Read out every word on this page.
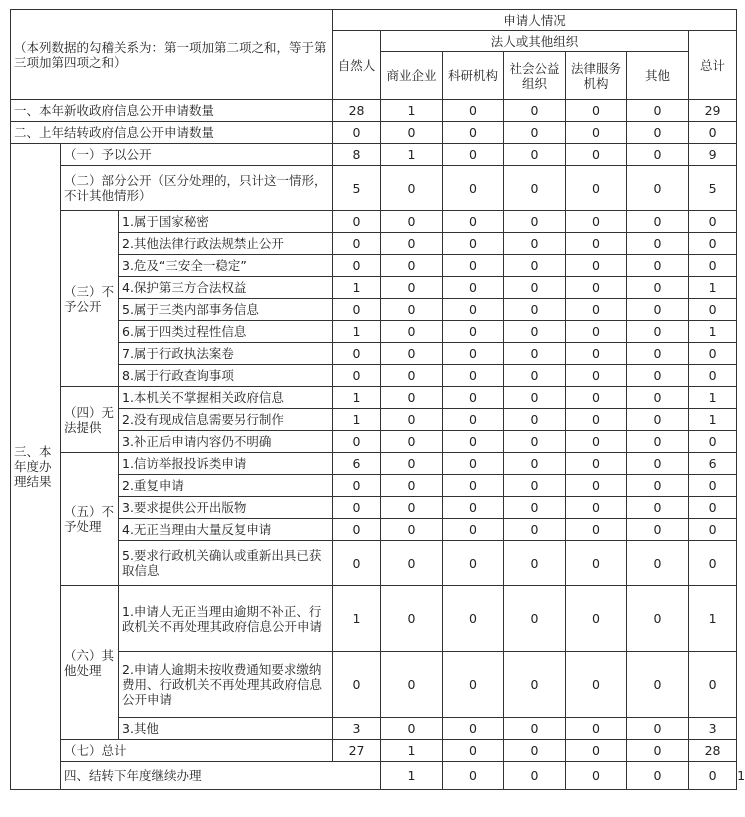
（本列数据的勾稽关系为：第一项加第二项之和，等于第三项加第四项之和）			申请人情况							
			自然人	法人或其他组织					总计	
				商业企业	科研机构	社会公益组织	法律服务机构	其他		
一、本年新收政府信息公开申请数量			28	1	0	0	0	0	29	
二、上年结转政府信息公开申请数量			0	0	0	0	0	0	0	
三、本年度办理结果	（一）予以公开		8	1	0	0	0	0	9	
	（二）部分公开（区分处理的，只计这一情形，不计其他情形）		5	0	0	0	0	0	5	
	（三）不予公开	1.属于国家秘密	0	0	0	0	0	0	0	
		2.其他法律行政法规禁止公开	0	0	0	0	0	0	0	
		3.危及“三安全一稳定”	0	0	0	0	0	0	0	
		4.保护第三方合法权益	1	0	0	0	0	0	1	
		5.属于三类内部事务信息	0	0	0	0	0	0	0	
		6.属于四类过程性信息	1	0	0	0	0	0	1	
		7.属于行政执法案卷	0	0	0	0	0	0	0	
		8.属于行政查询事项	0	0	0	0	0	0	0	
	（四）无法提供	1.本机关不掌握相关政府信息	1	0	0	0	0	0	1	
		2.没有现成信息需要另行制作	1	0	0	0	0	0	1	
		3.补正后申请内容仍不明确	0	0	0	0	0	0	0	
	（五）不予处理	1.信访举报投诉类申请	6	0	0	0	0	0	6	
		2.重复申请	0	0	0	0	0	0	0	
		3.要求提供公开出版物	0	0	0	0	0	0	0	
		4.无正当理由大量反复申请	0	0	0	0	0	0	0	
		5.要求行政机关确认或重新出具已获取信息	0	0	0	0	0	0	0	
	（六）其他处理	1.申请人无正当理由逾期不补正、行政机关不再处理其政府信息公开申请	1	0	0	0	0	0	1	
		2.申请人逾期未按收费通知要求缴纳费用、行政机关不再处理其政府信息公开申请	0	0	0	0	0	0	0	
		3.其他	3	0	0	0	0	0	3	
	（七）总计		27	1	0	0	0	0	28	
	四、结转下年度继续办理			1	0	0	0	0	0	1
